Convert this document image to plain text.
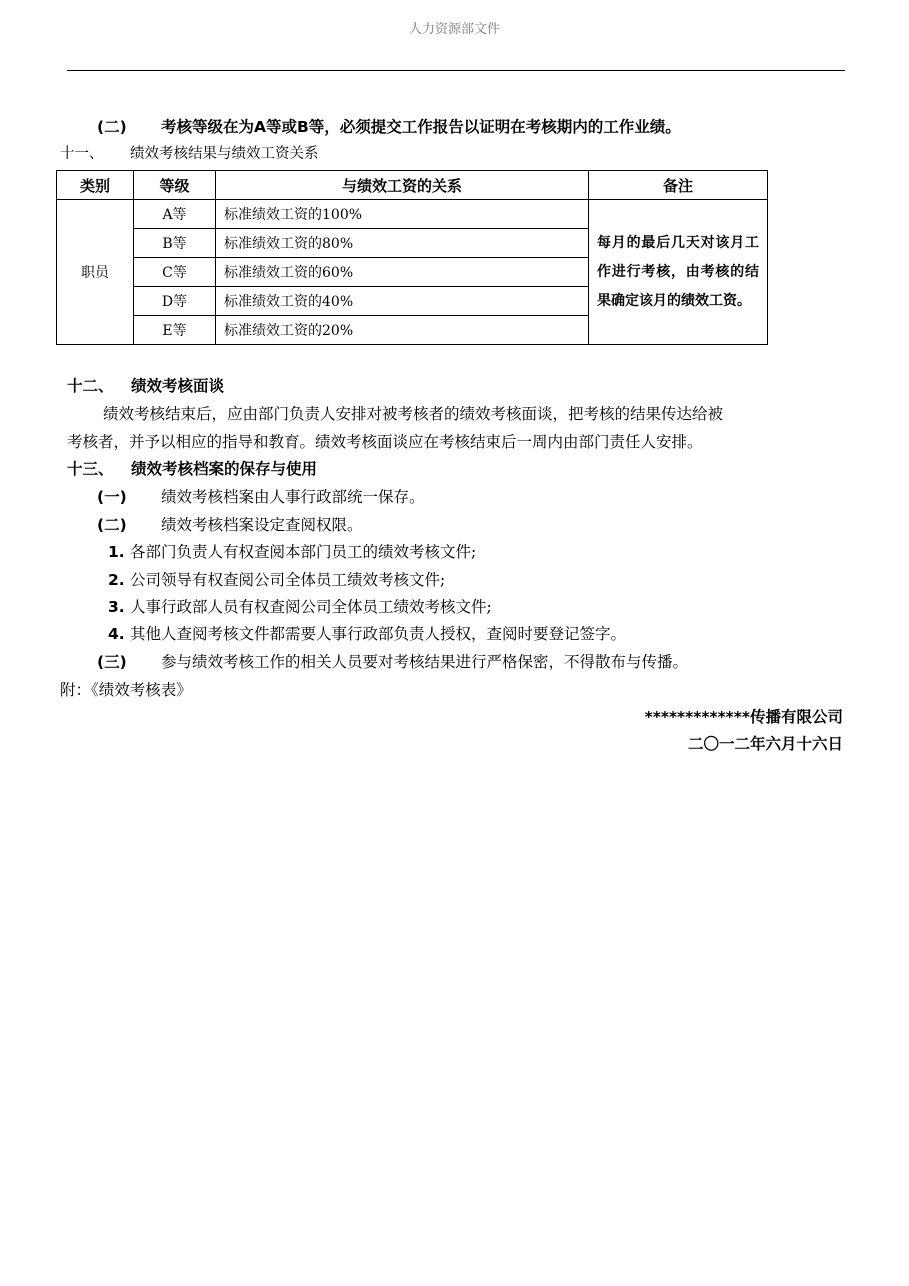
人力资源部文件
(二) 考核等级在为A等或B等，必须提交工作报告以证明在考核期内的工作业绩。
十一、 绩效考核结果与绩效工资关系
类别	等级	与绩效工资的关系	备注
职员	A等	标准绩效工资的100%	每月的最后几天对该月工作进行考核，由考核的结果确定该月的绩效工资。
	B等	标准绩效工资的80%	
	C等	标准绩效工资的60%	
	D等	标准绩效工资的40%	
	E等	标准绩效工资的20%	
十二、 绩效考核面谈
绩效考核结束后，应由部门负责人安排对被考核者的绩效考核面谈，把考核的结果传达给被
考核者，并予以相应的指导和教育。绩效考核面谈应在考核结束后一周内由部门责任人安排。
十三、 绩效考核档案的保存与使用
(一) 绩效考核档案由人事行政部统一保存。
(二) 绩效考核档案设定查阅权限。
1. 各部门负责人有权查阅本部门员工的绩效考核文件;
2. 公司领导有权查阅公司全体员工绩效考核文件;
3. 人事行政部人员有权查阅公司全体员工绩效考核文件;
4. 其他人查阅考核文件都需要人事行政部负责人授权，查阅时要登记签字。
(三) 参与绩效考核工作的相关人员要对考核结果进行严格保密，不得散布与传播。
附：《绩效考核表》
*************传播有限公司
二〇一二年六月十六日
